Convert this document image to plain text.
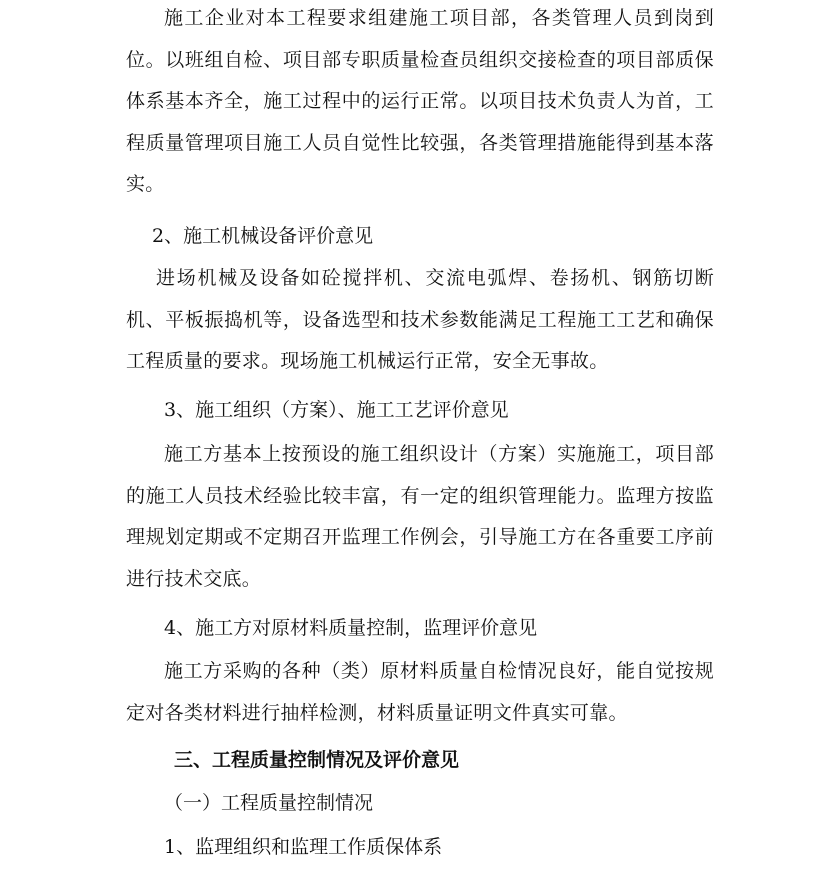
施工企业对本工程要求组建施工项目部，各类管理人员到岗到位。以班组自检、项目部专职质量检查员组织交接检查的项目部质保体系基本齐全，施工过程中的运行正常。以项目技术负责人为首，工程质量管理项目施工人员自觉性比较强，各类管理措施能得到基本落实。

2、施工机械设备评价意见

进场机械及设备如砼搅拌机、交流电弧焊、卷扬机、钢筋切断机、平板振捣机等，设备选型和技术参数能满足工程施工工艺和确保工程质量的要求。现场施工机械运行正常，安全无事故。

3、施工组织（方案）、施工工艺评价意见

施工方基本上按预设的施工组织设计（方案）实施施工，项目部的施工人员技术经验比较丰富，有一定的组织管理能力。监理方按监理规划定期或不定期召开监理工作例会，引导施工方在各重要工序前进行技术交底。

4、施工方对原材料质量控制，监理评价意见

施工方采购的各种（类）原材料质量自检情况良好，能自觉按规定对各类材料进行抽样检测，材料质量证明文件真实可靠。

三、工程质量控制情况及评价意见

（一）工程质量控制情况

1、监理组织和监理工作质保体系
